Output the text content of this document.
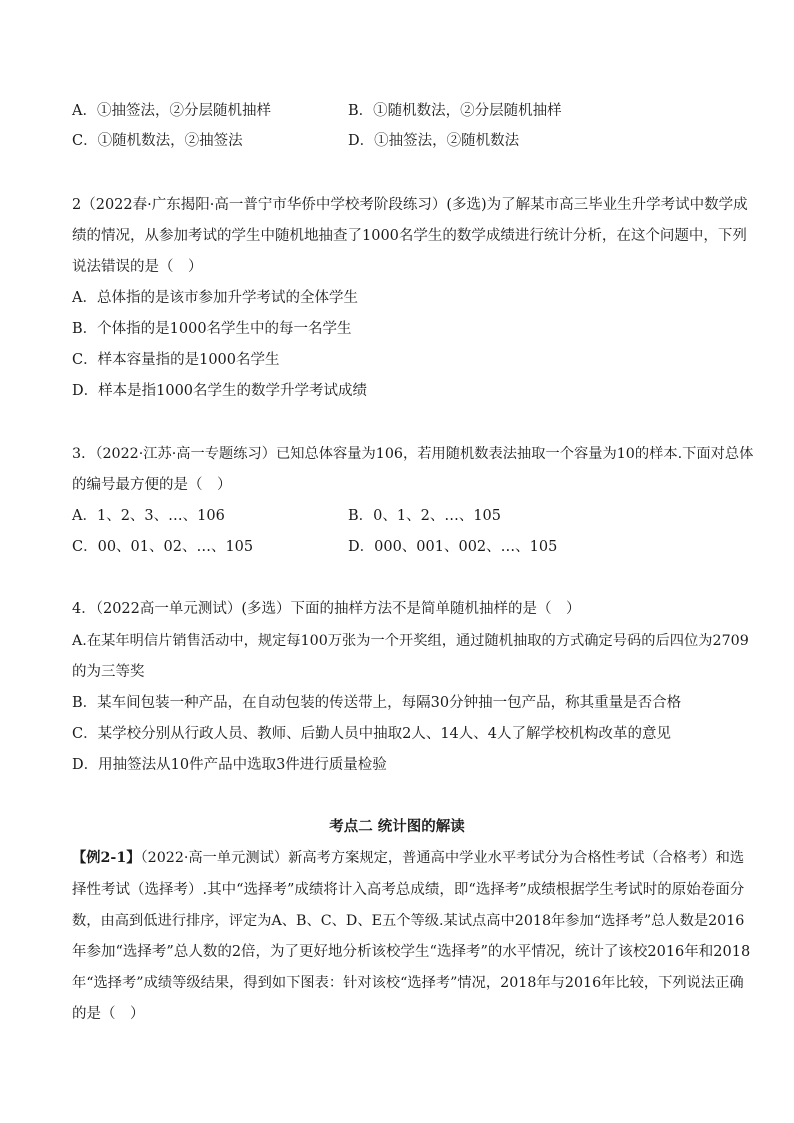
A．①抽签法，②分层随机抽样	B．①随机数法，②分层随机抽样
C．①随机数法，②抽签法	D．①抽签法，②随机数法
2（2022春·广东揭阳·高一普宁市华侨中学校考阶段练习）(多选)为了解某市高三毕业生升学考试中数学成
绩的情况，从参加考试的学生中随机地抽查了1000名学生的数学成绩进行统计分析，在这个问题中，下列
说法错误的是（　）
A．总体指的是该市参加升学考试的全体学生
B．个体指的是1000名学生中的每一名学生
C．样本容量指的是1000名学生
D．样本是指1000名学生的数学升学考试成绩
3．（2022·江苏·高一专题练习）已知总体容量为106，若用随机数表法抽取一个容量为10的样本.下面对总体
的编号最方便的是（　）
A．1、2、3、…、106	B．0、1、2、…、105
C．00、01、02、…、105	D．000、001、002、…、105
4．（2022高一单元测试）(多选）下面的抽样方法不是简单随机抽样的是（　）
A.在某年明信片销售活动中，规定每100万张为一个开奖组，通过随机抽取的方式确定号码的后四位为2709
的为三等奖
B．某车间包装一种产品，在自动包装的传送带上，每隔30分钟抽一包产品，称其重量是否合格
C．某学校分别从行政人员、教师、后勤人员中抽取2人、14人、4人了解学校机构改革的意见
D．用抽签法从10件产品中选取3件进行质量检验
考点二 统计图的解读
【例2-1】（2022·高一单元测试）新高考方案规定，普通高中学业水平考试分为合格性考试（合格考）和选
择性考试（选择考）.其中“选择考”成绩将计入高考总成绩，即“选择考”成绩根据学生考试时的原始卷面分
数，由高到低进行排序，评定为A、B、C、D、E五个等级.某试点高中2018年参加“选择考”总人数是2016
年参加“选择考”总人数的2倍，为了更好地分析该校学生“选择考”的水平情况，统计了该校2016年和2018
年“选择考”成绩等级结果，得到如下图表：针对该校“选择考”情况，2018年与2016年比较，下列说法正确
的是（　）
